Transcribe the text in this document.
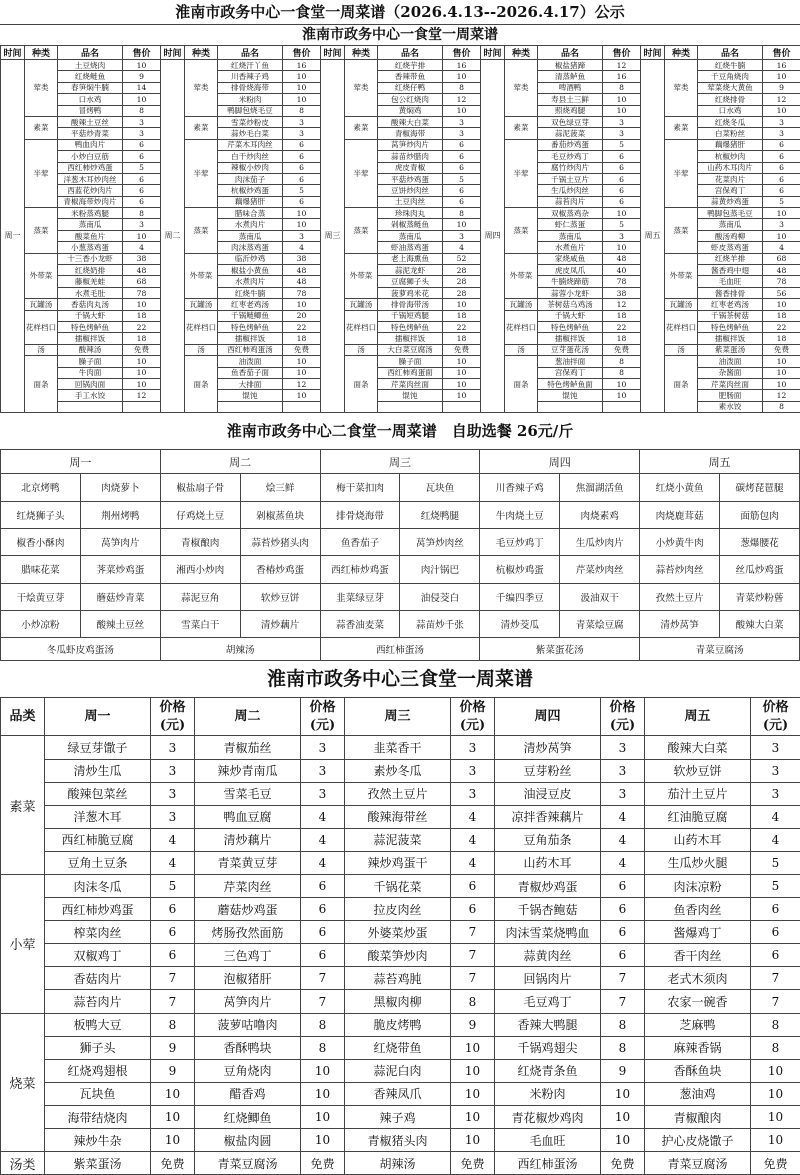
淮南市政务中心一食堂一周菜谱（2026.4.13--2026.4.17）公示
淮南市政务中心一食堂一周菜谱
时间	种类	品名	售价	时间	种类	品名	售价	时间	种类	品名	售价	时间	种类	品名	售价	时间	种类	品名	售价
周一	荤类	土豆烧肉	10	周二	荤类	红烧汗丫鱼	16	周三	荤类	红烧芋排	16	周四	荤类	椒盐猪蹄	12	周五	荤类	红烧牛腩	16
		红烧鲢鱼	9			川香辣子鸡	10			香辣带鱼	10			清蒸鲈鱼	16			千豆角烧肉	10
		春笋焖牛腩	14			排骨烧海带	10			红烧仔鸭	8			啤酒鸭	8			荤菜烧大黄鱼	9
		口水鸡	10			米粉肉	10			包公红烧肉	12			寿县土三鲜	10			红烧排骨	12
		冒烤鸭	8			鸭脚包烧毛豆	8			黄焖鸡	10			照烧鸡腿	10			口水鸡	10
	素菜	酸辣土豆丝	3		素菜	雪菜炒粉皮	3		素菜	酸辣大白菜	3		素菜	双色绿豆芽	3		素菜	红烧冬瓜	3
		平菇炒青菜	3			蒜炒毛白菜	3			青椒海带	3			蒜泥菠菜	3			白菜粉丝	3
	半荤	鸭血肉片	6		半荤	芹菜木耳肉丝	6		半荤	莴笋炒肉片	6		半荤	番茄炒鸡蛋	5		半荤	藕爆猪肝	6
		小炒白豆筋	6			白干炒肉丝	6			蒜苗炒腊肉	6			毛豆炒鸡丁	6			杭椒炒肉	6
		西红柿炒鸡蛋	5			辣椒小炒肉	6			虎皮青椒	6			腐竹炒肉片	6			山药木耳肉片	6
		洋葱木耳炒肉丝	6			肉沫茄子	6			平菇炒鸡蛋	5			千锅土豆片	6			花菜肉片	6
		西蓝花炒肉片	6			杭椒炒鸡蛋	5			豆饼炒肉丝	6			生瓜炒肉丝	6			宫保鸡丁	6
		青椒海带炒肉片	6			藕爆猪肝	6			土豆肉丝	6			蒜苔肉片	6			蒜黄炒鸡蛋	5
	蒸菜	米粉蒸鸡腿	8		蒸菜	腊味合蒸	10		蒸菜	珍珠肉丸	8		蒸菜	双椒蒸鸡杂	10		蒸菜	鸭脚包蒸毛豆	10
		蒸南瓜	3			水煮肉片	10			剁椒蒸鲢鱼	10			虾仁蒸蛋	5			蒸南瓜	3
		酸菜鱼片	10			蒸南瓜	3			蒸南瓜	3			蒸南瓜	3			酸汤鸡柳	10
		小葱蒸鸡蛋	4			肉沫蒸鸡蛋	4			虾油蒸鸡蛋	4			水煮鱼片	10			虾皮蒸鸡蛋	4
	外带菜	十三香小龙虾	38		外带菜	临沂炒鸡	38		外带菜	老上海熏鱼	52		外带菜	家烧咸鱼	48		外带菜	红烧羊排	68
		红烧奶排	48			椒盐小黄鱼	48			蒜泥龙虾	28			虎皮凤爪	40			酱香鸡中翅	48
		藤椒羌蛙	68			水煮肉片	48			豆腐狮子头	28			牛腩烧蹄筋	78			毛血旺	78
		水煮毛肚	78			红烧牛腩	78			菠萝鸡米花	28			蒜蓉小龙虾	38			酱香排骨	56
	瓦罐汤	香菇肉丸汤	10		瓦罐汤	红枣老鸡汤	10		瓦罐汤	排骨海带汤	10		瓦罐汤	茶树菇乌鸡汤	12		瓦罐汤	红枣老鸡汤	10
	花样档口	千锅大虾	18		花样档口	千锅鲢鲫鱼	20		花样档口	千锅短鸡腿	18		花样档口	千锅大虾	18		花样档口	千锅茶树菇	18
		特色烤鲈鱼	22			特色烤鲈鱼	22			特色烤鲈鱼	22			特色烤鲈鱼	22			特色烤鲈鱼	22
		擂椒拌饭	18			擂椒拌饭	18			擂椒拌饭	18			擂椒拌饭	18			擂椒拌饭	18
	汤	酸辣汤	免费		汤	西红柿鸡蛋汤	免费		汤	大白菜豆腐汤	免费		汤	豆芽蛋花汤	免费		汤	紫菜蛋汤	免费
	面条	臊子面	10		面条	油泼面	10		面条	臊子面	10		面条	葱油拌面	8		面条	油泼面	10
		牛肉面	10			鱼香茄子面	10			西红柿鸡蛋面	10			宫保鸡丁	8			杂酱面	10
		回锅肉面	10			大排面	12			芹菜肉丝面	10			特色烤鲈鱼面	10			芹菜肉丝面	10
		手工水饺	12			馄饨	10			馄饨	10			馄饨	10			肥肠面	12
																		素水饺	8
淮南市政务中心二食堂一周菜谱　自助选餐 26元/斤
周一		周二		周三		周四		周五	
北京烤鸭	肉烧萝卜	椒盐扇子骨	烩三鲜	梅干菜扣肉	瓦块鱼	川香辣子鸡	焦溜湖活鱼	红烧小黄鱼	碳烤琵琶腿
红烧狮子头	荆州烤鸭	仔鸡烧土豆	剁椒蒸鱼块	排骨烧海带	红烧鸭腿	牛肉烧土豆	肉烧素鸡	肉烧鹿茸菇	面筋包肉
椒香小酥肉	莴笋肉片	青椒酿肉	蒜苔炒猪头肉	鱼香茄子	莴笋炒肉丝	毛豆炒鸡丁	生瓜炒肉片	小炒黄牛肉	葱爆腰花
腊味花菜	荠菜炒鸡蛋	湘西小炒肉	香椿炒鸡蛋	西红柿炒鸡蛋	肉汁锅巴	杭椒炒鸡蛋	芹菜炒肉丝	蒜苔炒肉丝	丝瓜炒鸡蛋
干烩黄豆芽	蘑菇炒青菜	蒜泥豆角	软炒豆饼	韭菜绿豆芽	油侵茭白	千编四季豆	汲油双干	孜然土豆片	青菜炒粉蒈
小炒凉粉	酸辣土豆丝	雪菜白干	清炒藕片	蒜香油麦菜	蒜苗炒千张	清炒茭瓜	青菜烩豆腐	清炒莴笋	酸辣大白菜
冬瓜虾皮鸡蛋汤		胡辣汤		西红柿蛋汤		紫菜蛋花汤		青菜豆腐汤	
淮南市政务中心三食堂一周菜谱
品类	周一	价格(元)	周二	价格(元)	周三	价格(元)	周四	价格(元)	周五	价格(元)
素菜	绿豆芽馓子	3	青椒茄丝	3	韭菜香干	3	清炒莴笋	3	酸辣大白菜	3
	清炒生瓜	3	辣炒青南瓜	3	素炒冬瓜	3	豆芽粉丝	3	软炒豆饼	3
	酸辣包菜丝	3	雪菜毛豆	3	孜然土豆片	3	油浸豆皮	3	茄汁土豆片	3
	洋葱木耳	3	鸭血豆腐	4	酸辣海带丝	4	凉拌香辣藕片	4	红油脆豆腐	4
	西红柿脆豆腐	4	清炒藕片	4	蒜泥菠菜	4	豆角茄条	4	山药木耳	4
	豆角土豆条	4	青菜黄豆芽	4	辣炒鸡蛋干	4	山药木耳	4	生瓜炒火腿	5
小荤	肉沫冬瓜	5	芹菜肉丝	6	千锅花菜	6	青椒炒鸡蛋	6	肉沫凉粉	5
	西红柿炒鸡蛋	6	蘑菇炒鸡蛋	6	拉皮肉丝	6	千锅杏鲍菇	6	鱼香肉丝	6
	榨菜肉丝	6	烤肠孜然面筋	6	外婆菜炒蛋	7	肉沫雪菜烧鸭血	6	酱爆鸡丁	6
	双椒鸡丁	6	三色鸡丁	6	酸菜笋炒肉	7	蒜黄肉丝	6	香干肉丝	6
	香菇肉片	7	泡椒猪肝	7	蒜苔鸡肫	7	回锅肉片	7	老式木须肉	7
	蒜苔肉片	7	莴笋肉片	7	黑椒肉柳	8	毛豆鸡丁	7	农家一碗香	7
烧菜	板鸭大豆	8	菠萝咕噜肉	8	脆皮烤鸭	9	香辣大鸭腿	8	芝麻鸭	8
	狮子头	9	香酥鸭块	8	红烧带鱼	10	千锅鸡翅尖	8	麻辣香锅	8
	红烧鸡翅根	9	豆角烧肉	10	蒜泥白肉	10	红烧青条鱼	9	香酥鱼块	10
	瓦块鱼	10	醋香鸡	10	香辣凤爪	10	米粉肉	10	葱油鸡	10
	海带结烧肉	10	红烧鲫鱼	10	辣子鸡	10	青花椒炒鸡肉	10	青椒酿肉	10
	辣炒牛杂	10	椒盐肉圆	10	青椒猪头肉	10	毛血旺	10	护心皮烧馓子	10
汤类	紫菜蛋汤	免费	青菜豆腐汤	免费	胡辣汤	免费	西红柿蛋汤	免费	青菜豆腐汤	免费
